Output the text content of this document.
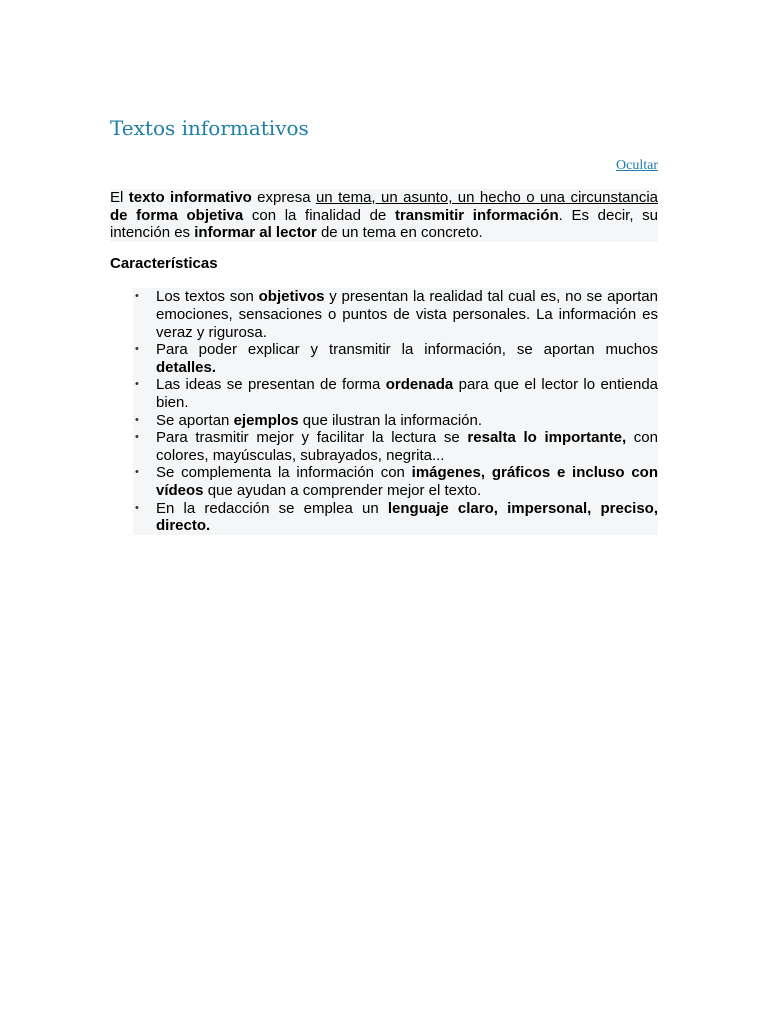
Textos informativos
Ocultar

El texto informativo expresa un tema, un asunto, un hecho o una circunstancia de forma objetiva con la finalidad de transmitir información. Es decir, su intención es informar al lector de un tema en concreto.

Características

• Los textos son objetivos y presentan la realidad tal cual es, no se aportan emociones, sensaciones o puntos de vista personales. La información es veraz y rigurosa.
• Para poder explicar y transmitir la información, se aportan muchos detalles.
• Las ideas se presentan de forma ordenada para que el lector lo entienda bien.
• Se aportan ejemplos que ilustran la información.
• Para trasmitir mejor y facilitar la lectura se resalta lo importante, con colores, mayúsculas, subrayados, negrita...
• Se complementa la información con imágenes, gráficos e incluso con vídeos que ayudan a comprender mejor el texto.
• En la redacción se emplea un lenguaje claro, impersonal, preciso, directo.
